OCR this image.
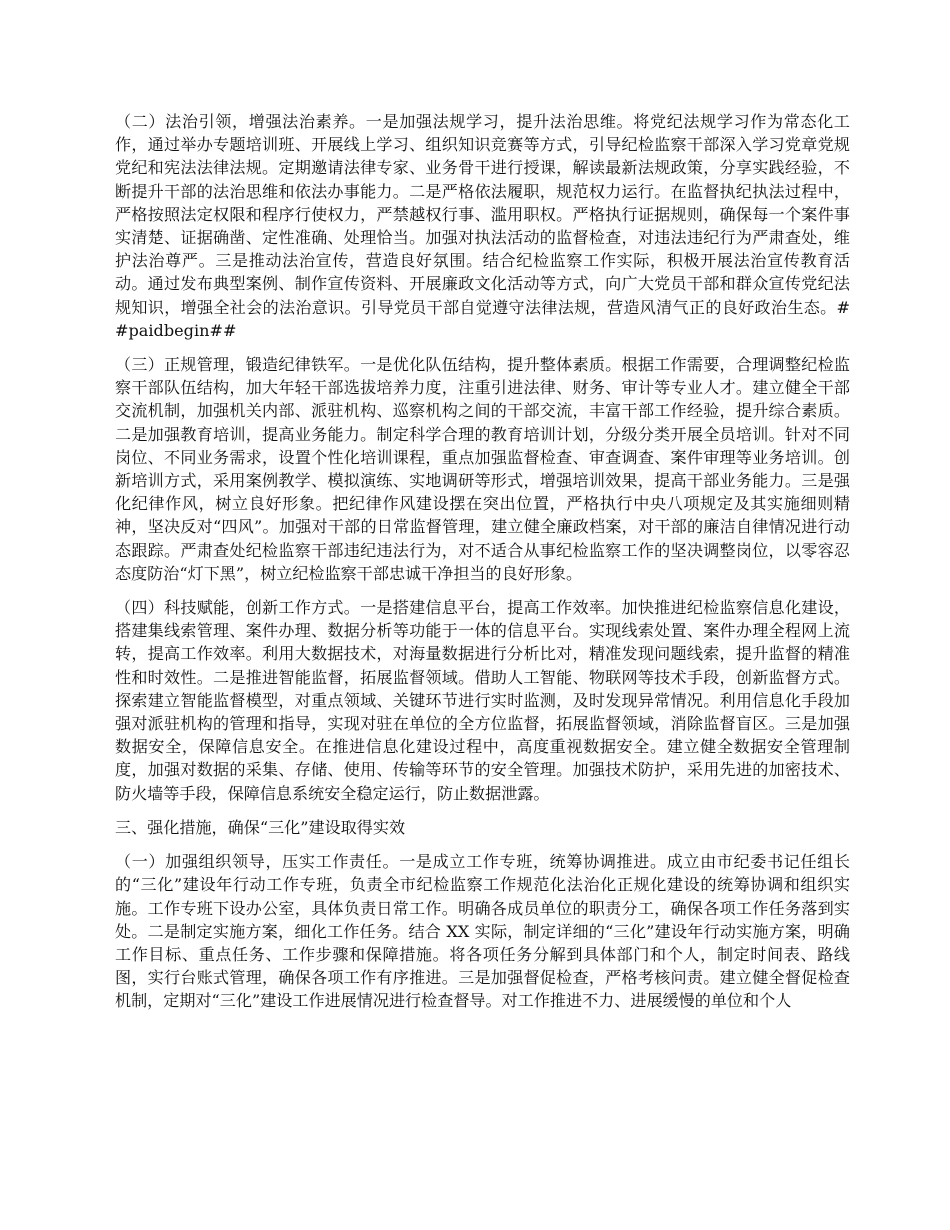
（二）法治引领，增强法治素养。一是加强法规学习，提升法治思维。将党纪法规学习作为常态化工作，通过举办专题培训班、开展线上学习、组织知识竞赛等方式，引导纪检监察干部深入学习党章党规党纪和宪法法律法规。定期邀请法律专家、业务骨干进行授课，解读最新法规政策，分享实践经验，不断提升干部的法治思维和依法办事能力。二是严格依法履职，规范权力运行。在监督执纪执法过程中，严格按照法定权限和程序行使权力，严禁越权行事、滥用职权。严格执行证据规则，确保每一个案件事实清楚、证据确凿、定性准确、处理恰当。加强对执法活动的监督检查，对违法违纪行为严肃查处，维护法治尊严。三是推动法治宣传，营造良好氛围。结合纪检监察工作实际，积极开展法治宣传教育活动。通过发布典型案例、制作宣传资料、开展廉政文化活动等方式，向广大党员干部和群众宣传党纪法规知识，增强全社会的法治意识。引导党员干部自觉遵守法律法规，营造风清气正的良好政治生态。##paidbegin##

（三）正规管理，锻造纪律铁军。一是优化队伍结构，提升整体素质。根据工作需要，合理调整纪检监察干部队伍结构，加大年轻干部选拔培养力度，注重引进法律、财务、审计等专业人才。建立健全干部交流机制，加强机关内部、派驻机构、巡察机构之间的干部交流，丰富干部工作经验，提升综合素质。二是加强教育培训，提高业务能力。制定科学合理的教育培训计划，分级分类开展全员培训。针对不同岗位、不同业务需求，设置个性化培训课程，重点加强监督检查、审查调查、案件审理等业务培训。创新培训方式，采用案例教学、模拟演练、实地调研等形式，增强培训效果，提高干部业务能力。三是强化纪律作风，树立良好形象。把纪律作风建设摆在突出位置，严格执行中央八项规定及其实施细则精神，坚决反对“四风”。加强对干部的日常监督管理，建立健全廉政档案，对干部的廉洁自律情况进行动态跟踪。严肃查处纪检监察干部违纪违法行为，对不适合从事纪检监察工作的坚决调整岗位，以零容忍态度防治“灯下黑”，树立纪检监察干部忠诚干净担当的良好形象。

（四）科技赋能，创新工作方式。一是搭建信息平台，提高工作效率。加快推进纪检监察信息化建设，搭建集线索管理、案件办理、数据分析等功能于一体的信息平台。实现线索处置、案件办理全程网上流转，提高工作效率。利用大数据技术，对海量数据进行分析比对，精准发现问题线索，提升监督的精准性和时效性。二是推进智能监督，拓展监督领域。借助人工智能、物联网等技术手段，创新监督方式。探索建立智能监督模型，对重点领域、关键环节进行实时监测，及时发现异常情况。利用信息化手段加强对派驻机构的管理和指导，实现对驻在单位的全方位监督，拓展监督领域，消除监督盲区。三是加强数据安全，保障信息安全。在推进信息化建设过程中，高度重视数据安全。建立健全数据安全管理制度，加强对数据的采集、存储、使用、传输等环节的安全管理。加强技术防护，采用先进的加密技术、防火墙等手段，保障信息系统安全稳定运行，防止数据泄露。

三、强化措施，确保“三化”建设取得实效

（一）加强组织领导，压实工作责任。一是成立工作专班，统筹协调推进。成立由市纪委书记任组长的“三化”建设年行动工作专班，负责全市纪检监察工作规范化法治化正规化建设的统筹协调和组织实施。工作专班下设办公室，具体负责日常工作。明确各成员单位的职责分工，确保各项工作任务落到实处。二是制定实施方案，细化工作任务。结合 XX 实际，制定详细的“三化”建设年行动实施方案，明确工作目标、重点任务、工作步骤和保障措施。将各项任务分解到具体部门和个人，制定时间表、路线图，实行台账式管理，确保各项工作有序推进。三是加强督促检查，严格考核问责。建立健全督促检查机制，定期对“三化”建设工作进展情况进行检查督导。对工作推进不力、进展缓慢的单位和个人
